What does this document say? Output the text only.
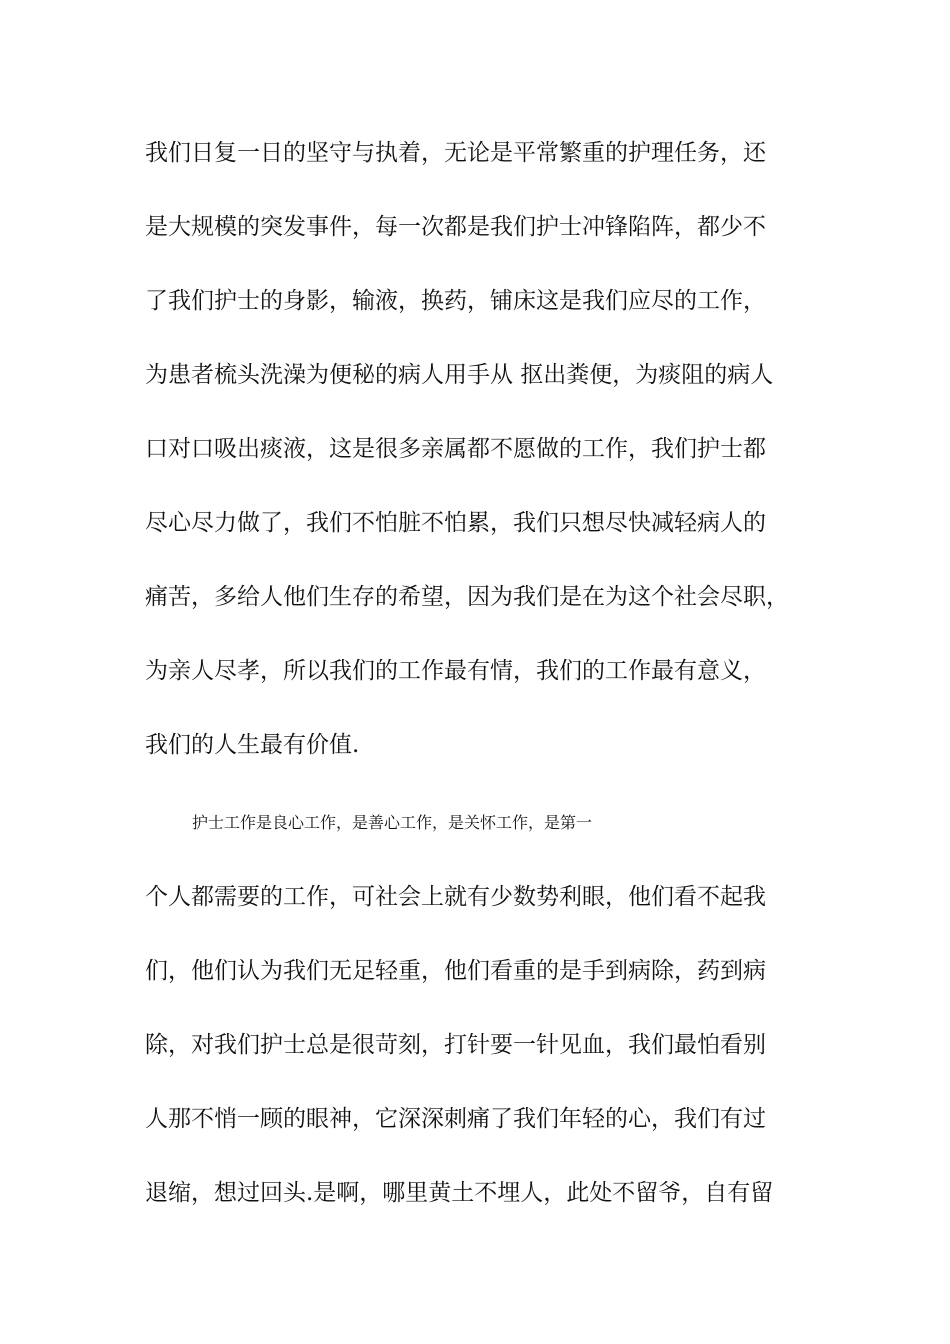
我们日复一日的坚守与执着，无论是平常繁重的护理任务，还
是大规模的突发事件，每一次都是我们护士冲锋陷阵，都少不
了我们护士的身影，输液，换药，铺床这是我们应尽的工作，
为患者梳头洗澡为便秘的病人用手从 抠出粪便，为痰阻的病人
口对口吸出痰液，这是很多亲属都不愿做的工作，我们护士都
尽心尽力做了，我们不怕脏不怕累，我们只想尽快减轻病人的
痛苦，多给人他们生存的希望，因为我们是在为这个社会尽职，
为亲人尽孝，所以我们的工作最有情，我们的工作最有意义，
我们的人生最有价值.
护士工作是良心工作，是善心工作，是关怀工作，是第一
个人都需要的工作，可社会上就有少数势利眼，他们看不起我
们，他们认为我们无足轻重，他们看重的是手到病除，药到病
除，对我们护士总是很苛刻，打针要一针见血，我们最怕看别
人那不悄一顾的眼神，它深深刺痛了我们年轻的心，我们有过
退缩，想过回头.是啊，哪里黄土不埋人，此处不留爷，自有留
